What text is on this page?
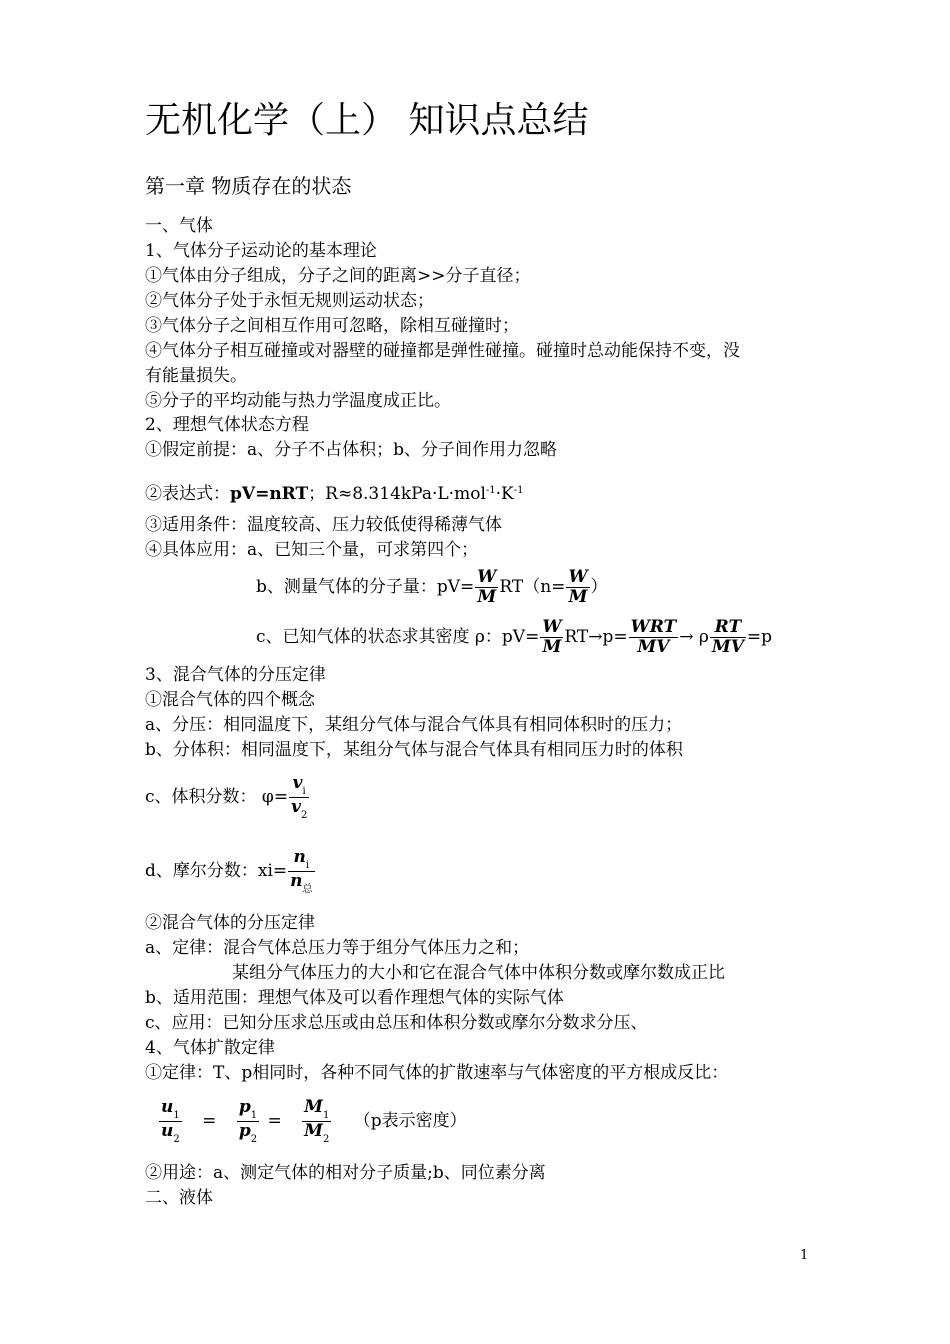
无机化学（上） 知识点总结
第一章 物质存在的状态
一、气体
1、气体分子运动论的基本理论
①气体由分子组成，分子之间的距离>>分子直径；
②气体分子处于永恒无规则运动状态；
③气体分子之间相互作用可忽略，除相互碰撞时；
④气体分子相互碰撞或对器壁的碰撞都是弹性碰撞。碰撞时总动能保持不变，没
有能量损失。
⑤分子的平均动能与热力学温度成正比。
2、理想气体状态方程
①假定前提：a、分子不占体积；b、分子间作用力忽略
②表达式：pV=nRT；$R\approx 8.314kPa\cdot L\cdot mol^{-1}\cdot K^{-1}$
③适用条件：温度较高、压力较低使得稀薄气体
④具体应用：a、已知三个量，可求第四个；
b、测量气体的分子量：$pV= \frac{W}{M} RT(n= \frac{W}{M}$ ）
c、已知气体的状态求其密度 ρ：$pV= \frac{W}{M} RT\to p= \frac{\text{WRT}}{MV} \to \rho \frac{RT}{MV} =p$
3、混合气体的分压定律
①混合气体的四个概念
a、分压：相同温度下，某组分气体与混合气体具有相同体积时的压力；
b、分体积：相同温度下，某组分气体与混合气体具有相同压力时的体积
c、体积分数： $\varphi= \frac{v_i}{v_2}$
d、摩尔分数：$xi= \frac{n_i}{n_总}$
②混合气体的分压定律
a、定律：混合气体总压力等于组分气体压力之和；
某组分气体压力的大小和它在混合气体中体积分数或摩尔数成正比
b、适用范围：理想气体及可以看作理想气体的实际气体
c、应用：已知分压求总压或由总压和体积分数或摩尔分数求分压、
4、气体扩散定律
①定律：T、p相同时，各种不同气体的扩散速率与气体密度的平方根成反比：
$\frac{u_1}{u_2} = \frac{p_1}{p_2} = \frac{M_1}{M_2} (p$表示密度）
②用途：a、测定气体的相对分子质量;b、同位素分离
二、液体
1
